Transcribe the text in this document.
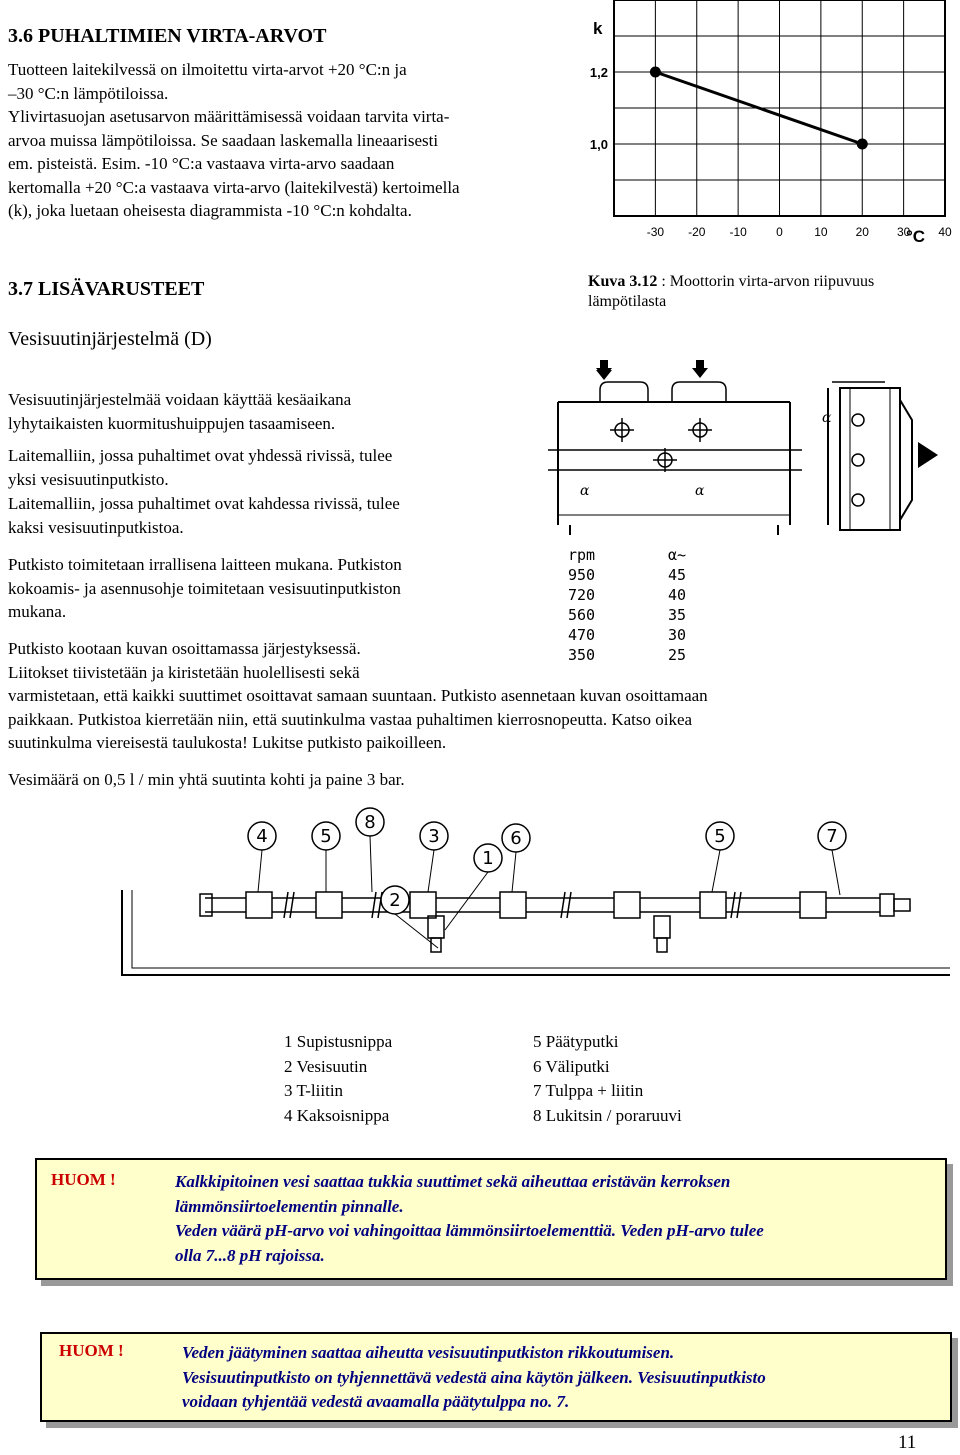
3.6 PUHALTIMIEN VIRTA-ARVOT

Tuotteen laitekilvessä on ilmoitettu virta-arvot +20 °C:n ja

–30 °C:n lämpötiloissa.

Ylivirtasuojan asetusarvon määrittämisessä voidaan tarvita virta-

arvoa muissa lämpötiloissa. Se saadaan laskemalla lineaarisesti

em. pisteistä. Esim. -10 °C:a vastaava virta-arvo saadaan

kertomalla +20 °C:a vastaava virta-arvo (laitekilvestä) kertoimella

(k), joka luetaan oheisesta diagrammista -10 °C:n kohdalta.

k
°C
-30 -20 -10 0	10 20 30 40
1,2
1,0
Kuva 3.12 : Moottorin virta-arvon riipuvuus
lämpötilasta
3.7 LISÄVARUSTEET
Vesisuutinjärjestelmä (D)

Vesisuutinjärjestelmää voidaan käyttää kesäaikana

lyhytaikaisten kuormitushuippujen tasaamiseen.

Laitemalliin, jossa puhaltimet ovat yhdessä rivissä, tulee

yksi vesisuutinputkisto.

Laitemalliin, jossa puhaltimet ovat kahdessa rivissä, tulee

kaksi vesisuutinputkistoa.

Putkisto toimitetaan irrallisena laitteen mukana. Putkiston

kokoamis- ja asennusohje toimitetaan vesisuutinputkiston

mukana.

Putkisto kootaan kuvan osoittamassa järjestyksessä.

Liitokset tiivistetään ja kiristetään huolellisesti sekä

varmistetaan, että kaikki suuttimet osoittavat samaan suuntaan. Putkisto asennetaan kuvan osoittamaan

paikkaan. Putkistoa kierretään niin, että suutinkulma vastaa puhaltimen kierrosnopeutta. Katso oikea

suutinkulma viereisestä taulukosta! Lukitse putkisto paikoilleen.

Vesimäärä on 0,5 l / min yhtä suutinta kohti ja paine 3 bar.
α	α
α
rpm	α~
950	45
720	40
560	35
470	30
350	25
4	5
8
3	6	5	7
1
2

1 Supistusnippa

2 Vesisuutin

3 T-liitin

4 Kaksoisnippa

5 Päätyputki

6 Väliputki

7 Tulppa + liitin

8 Lukitsin / poraruuvi

HUOM !	Kalkkipitoinen vesi saattaa tukkia suuttimet sekä aiheuttaa eristävän kerroksen
lämmönsiirtoelementin pinnalle.
Veden väärä pH-arvo voi vahingoittaa lämmönsiirtoelementtiä. Veden pH-arvo tulee
olla 7...8 pH rajoissa.
HUOM !	Veden jäätyminen saattaa aiheutta vesisuutinputkiston rikkoutumisen.
Vesisuutinputkisto on tyhjennettävä vedestä aina käytön jälkeen. Vesisuutinputkisto
voidaan tyhjentää vedestä avaamalla päätytulppa no. 7.
11
